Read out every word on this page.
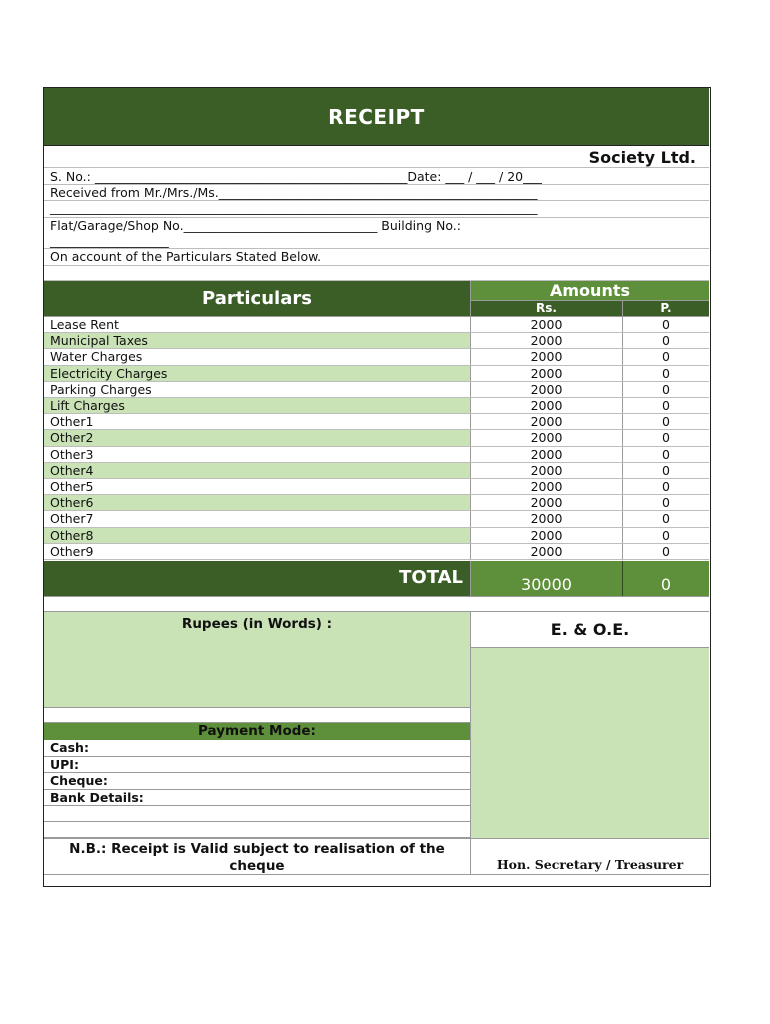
RECEIPT
____________________________________________________	Society Ltd.
S. No.: __________________________________________________Date: ___ / ___ / 20___
Received from Mr./Mrs./Ms.___________________________________________________
______________________________________________________________________________
Flat/Garage/Shop No._______________________________ Building No.:
___________________
On account of the Particulars Stated Below.
Particulars	Amounts
Rs.	P.
Lease Rent	2000	0
Municipal Taxes	2000	0
Water Charges	2000	0
Electricity Charges	2000	0
Parking Charges	2000	0
Lift Charges	2000	0
Other1	2000	0
Other2	2000	0
Other3	2000	0
Other4	2000	0
Other5	2000	0
Other6	2000	0
Other7	2000	0
Other8	2000	0
Other9	2000	0
TOTAL	30000	0
Rupees (in Words) :	E. & O.E.
Payment Mode:
Cash:
UPI:
Cheque:
Bank Details:
N.B.: Receipt is Valid subject to realisation of the cheque	Hon. Secretary / Treasurer
